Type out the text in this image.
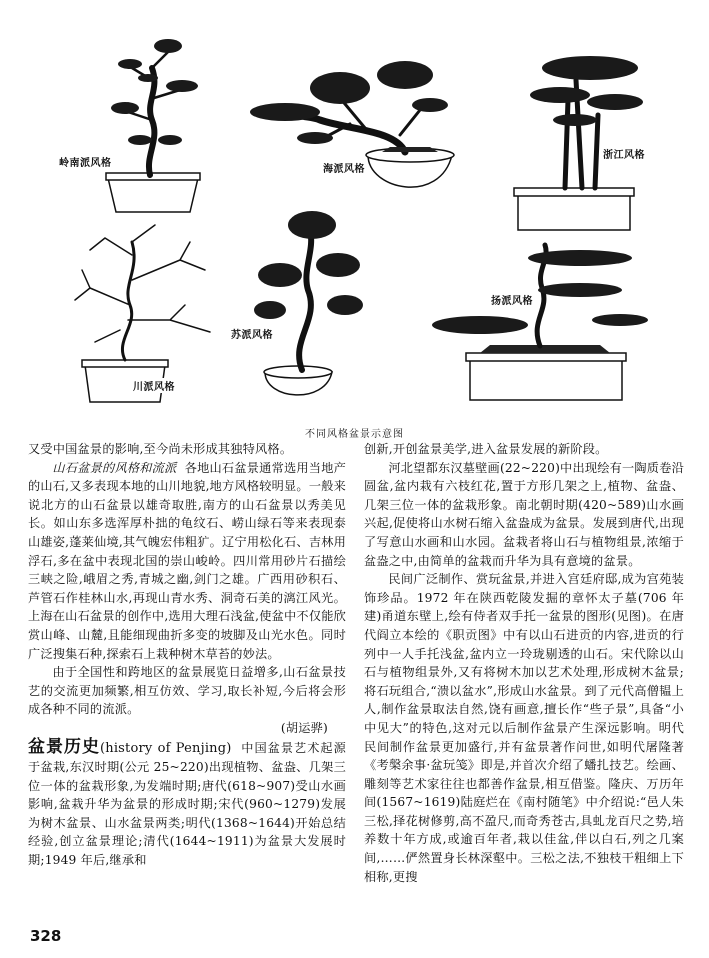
岭南派风格
海派风格
浙江风格
扬派风格
苏派风格
川派风格
不同风格盆景示意图

又受中国盆景的影响,至今尚未形成其独特风格。

山石盆景的风格和流派 各地山石盆景通常选用当地产的山石,又多表现本地的山川地貌,地方风格较明显。一般来说北方的山石盆景以雄奇取胜,南方的山石盆景以秀美见长。如山东多选浑厚朴拙的龟纹石、崂山绿石等来表现泰山雄姿,蓬莱仙境,其气魄宏伟粗犷。辽宁用松化石、吉林用浮石,多在盆中表现北国的崇山峻岭。四川常用砂片石描绘三峡之险,峨眉之秀,青城之幽,剑门之雄。广西用砂积石、芦管石作桂林山水,再现山青水秀、洞奇石美的漓江风光。上海在山石盆景的创作中,选用大理石浅盆,使盆中不仅能欣赏山峰、山麓,且能细现曲折多变的坡脚及山光水色。同时广泛搜集石种,探索石上栽种树木草苔的妙法。

由于全国性和跨地区的盆景展览日益增多,山石盆景技艺的交流更加频繁,相互仿效、学习,取长补短,今后将会形成各种不同的流派。

(胡运骅)

盆景历史(history of Penjing) 中国盆景艺术起源于盆栽,东汉时期(公元 25~220)出现植物、盆盎、几架三位一体的盆栽形象,为发端时期;唐代(618~907)受山水画影响,盆栽升华为盆景的形成时期;宋代(960~1279)发展为树木盆景、山水盆景两类;明代(1368~1644)开始总结经验,创立盆景理论;清代(1644~1911)为盆景大发展时期;1949 年后,继承和

创新,开创盆景美学,进入盆景发展的新阶段。

河北望都东汉墓壁画(22~220)中出现绘有一陶质卷沿圆盆,盆内栽有六枝红花,置于方形几架之上,植物、盆盎、几架三位一体的盆栽形象。南北朝时期(420~589)山水画兴起,促使将山水树石缩入盆盎成为盆景。发展到唐代,出现了写意山水画和山水园。盆栽者将山石与植物组景,浓缩于盆盎之中,由简单的盆栽而升华为具有意境的盆景。

民间广泛制作、赏玩盆景,并进入宫廷府邸,成为宫苑装饰珍品。1972 年在陕西乾陵发掘的章怀太子墓(706 年建)甬道东壁上,绘有侍者双手托一盆景的图形(见图)。在唐代阎立本绘的《职贡图》中有以山石进贡的内容,进贡的行列中一人手托浅盆,盆内立一玲珑剔透的山石。宋代除以山石与植物组景外,又有将树木加以艺术处理,形成树木盆景;将石玩组合,“溃以盆水”,形成山水盆景。到了元代高僧韫上人,制作盆景取法自然,饶有画意,擅长作“些子景”,具备“小中见大”的特色,这对元以后制作盆景产生深远影响。明代民间制作盆景更加盛行,并有盆景著作问世,如明代屠隆著《考槃余事·盆玩笺》即是,并首次介绍了蟠扎技艺。绘画、雕刻等艺术家往往也都善作盆景,相互借鉴。隆庆、万历年间(1567~1619)陆庭烂在《南村随笔》中介绍说:“邑人朱三松,择花树修剪,高不盈尺,而奇秀苍古,具虬龙百尺之势,培养数十年方成,或逾百年者,栽以佳盆,伴以白石,列之几案间,……俨然置身长林深壑中。三松之法,不独枝干粗细上下相称,更搜

328
